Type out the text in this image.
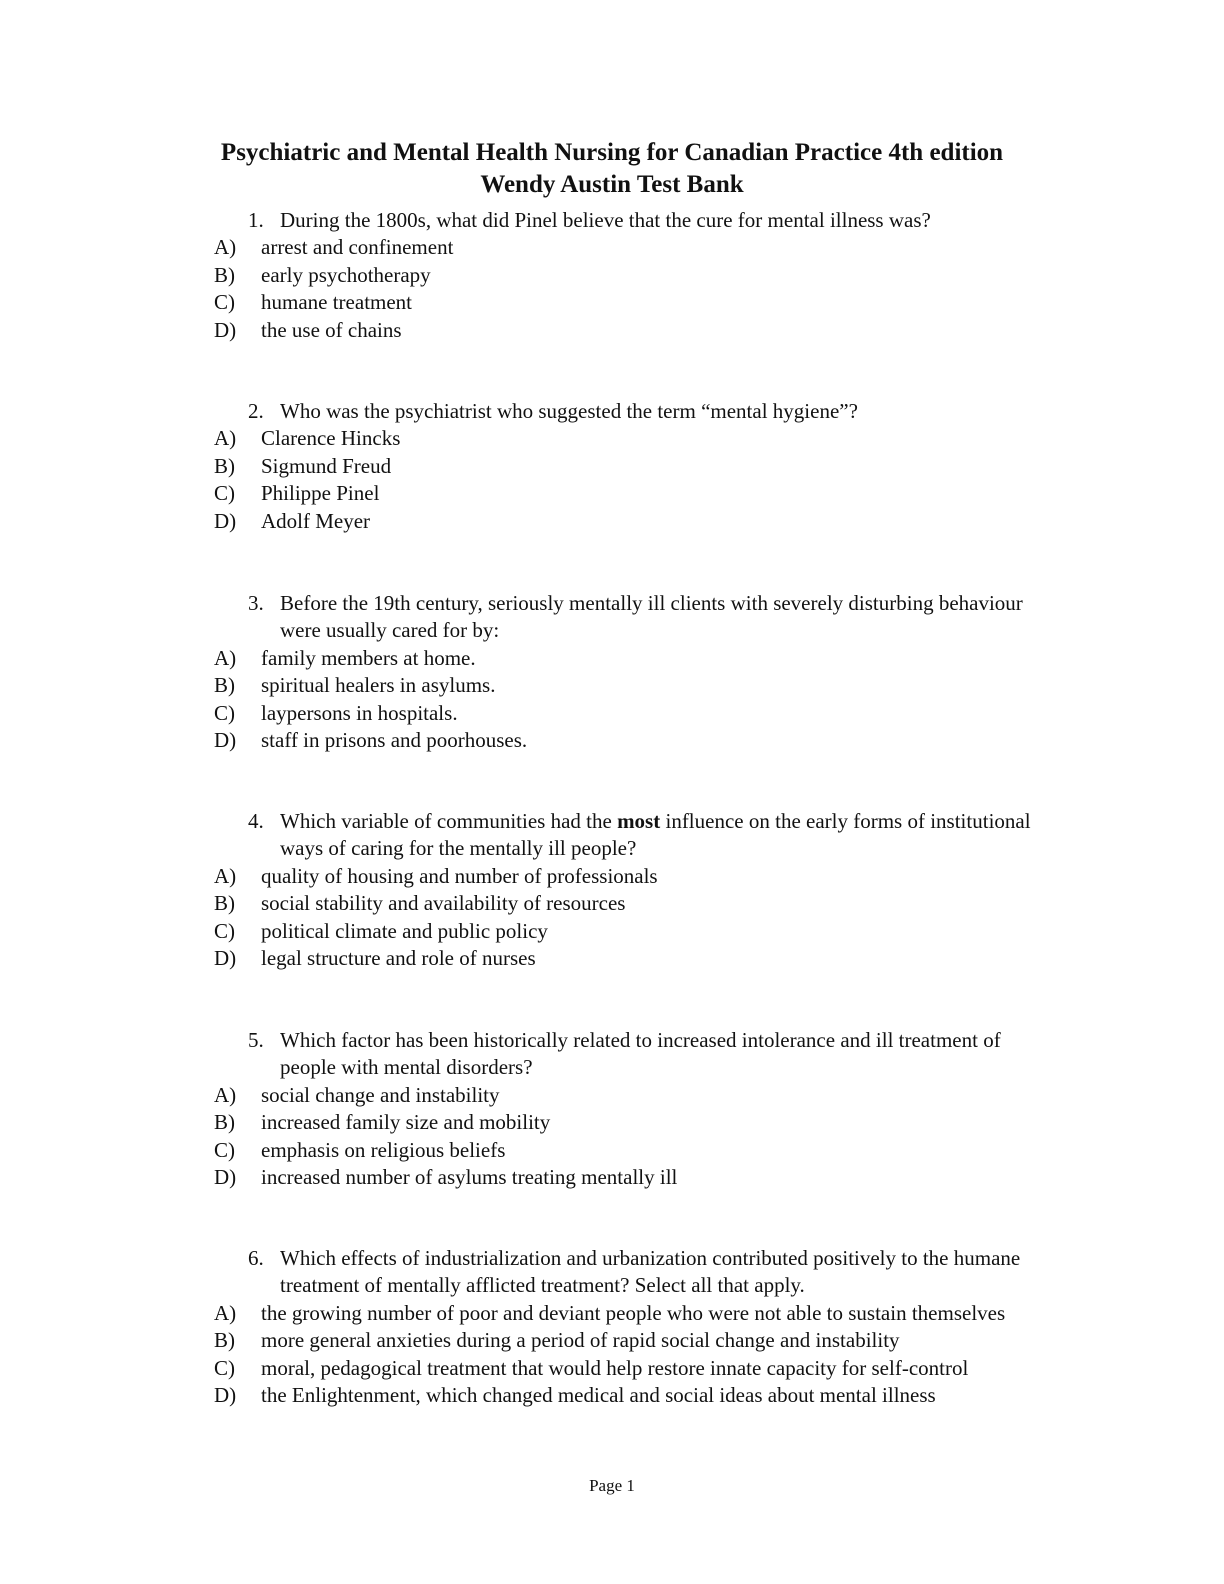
Psychiatric and Mental Health Nursing for Canadian Practice 4th edition
Wendy Austin Test Bank
1. During the 1800s, what did Pinel believe that the cure for mental illness was?
A) arrest and confinement
B) early psychotherapy
C) humane treatment
D) the use of chains
2. Who was the psychiatrist who suggested the term “mental hygiene”?
A) Clarence Hincks
B) Sigmund Freud
C) Philippe Pinel
D) Adolf Meyer
3. Before the 19th century, seriously mentally ill clients with severely disturbing behaviour were usually cared for by:
A) family members at home.
B) spiritual healers in asylums.
C) laypersons in hospitals.
D) staff in prisons and poorhouses.
4. Which variable of communities had the most influence on the early forms of institutional ways of caring for the mentally ill people?
A) quality of housing and number of professionals
B) social stability and availability of resources
C) political climate and public policy
D) legal structure and role of nurses
5. Which factor has been historically related to increased intolerance and ill treatment of people with mental disorders?
A) social change and instability
B) increased family size and mobility
C) emphasis on religious beliefs
D) increased number of asylums treating mentally ill
6. Which effects of industrialization and urbanization contributed positively to the humane treatment of mentally afflicted treatment? Select all that apply.
A) the growing number of poor and deviant people who were not able to sustain themselves
B) more general anxieties during a period of rapid social change and instability
C) moral, pedagogical treatment that would help restore innate capacity for self-control
D) the Enlightenment, which changed medical and social ideas about mental illness
Page 1
